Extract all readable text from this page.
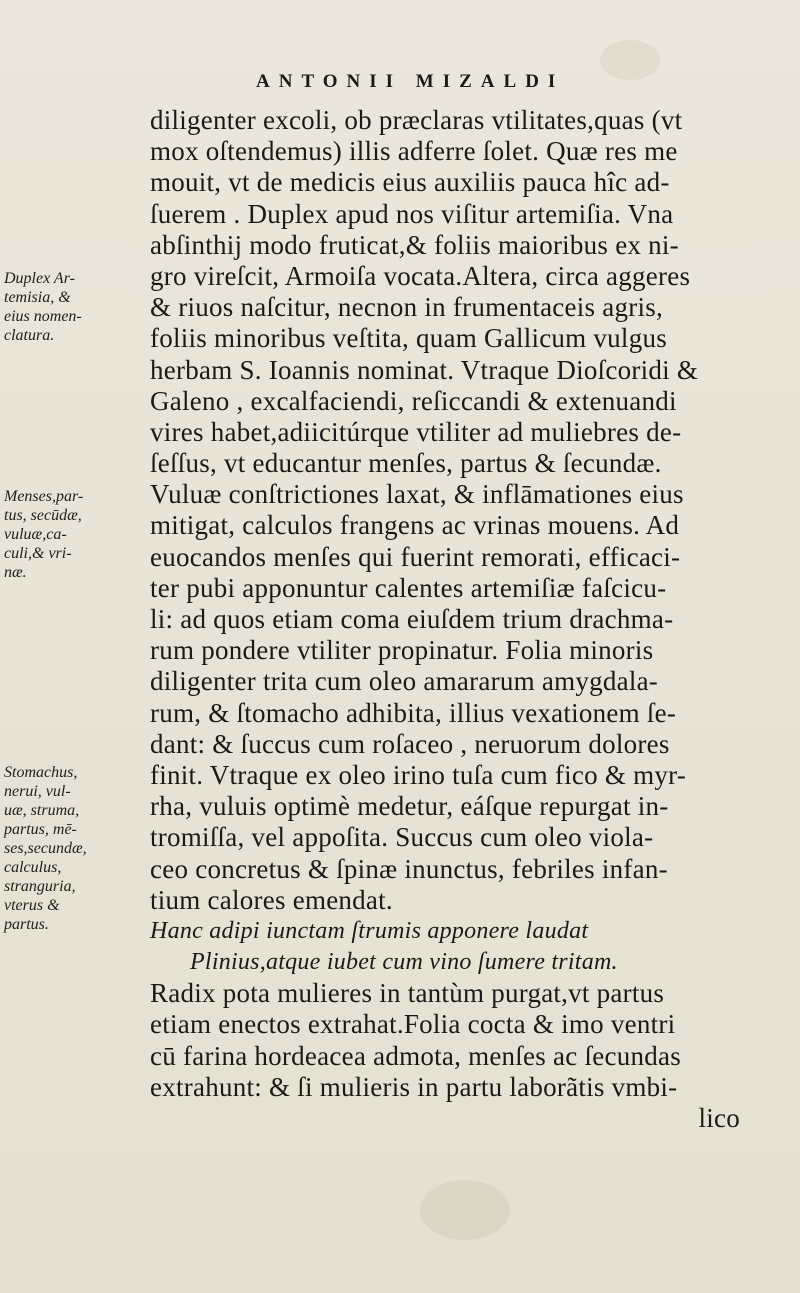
ANTONII MIZALDI
Duplex Ar-
temisia, &
eius nomen-
clatura.
Menses,par-
tus, secūdæ,
vuluæ,ca-
culi,& vri-
næ.
Stomachus,
nerui, vul-
uæ, struma,
partus, mē-
ses,secundæ,
calculus,
stranguria,
vterus &
partus.
diligenter excoli, ob præclaras vtilitates,quas (vt
mox oſtendemus) illis adferre ſolet. Quæ res me
mouit, vt de medicis eius auxiliis pauca hîc ad-
ſuerem . Duplex apud nos viſitur artemiſia. Vna
abſinthij modo fruticat,& foliis maioribus ex ni-
gro vireſcit, Armoiſa vocata.Altera, circa aggeres
& riuos naſcitur, necnon in frumentaceis agris,
foliis minoribus veſtita, quam Gallicum vulgus
herbam S. Ioannis nominat. Vtraque Dioſcoridi &
Galeno , excalfaciendi, reſiccandi & extenuandi
vires habet,adiicitúrque vtiliter ad muliebres de-
ſeſſus, vt educantur menſes, partus & ſecundæ.
Vuluæ conſtrictiones laxat, & inflāmationes eius
mitigat, calculos frangens ac vrinas mouens. Ad
euocandos menſes qui fuerint remorati, efficaci-
ter pubi apponuntur calentes artemiſiæ faſcicu-
li: ad quos etiam coma eiuſdem trium drachma-
rum pondere vtiliter propinatur. Folia minoris
diligenter trita cum oleo amararum amygdala-
rum, & ſtomacho adhibita, illius vexationem ſe-
dant: & ſuccus cum roſaceo , neruorum dolores
finit. Vtraque ex oleo irino tuſa cum fico & myr-
rha, vuluis optimè medetur, eáſque repurgat in-
tromiſſa, vel appoſita. Succus cum oleo viola-
ceo concretus & ſpinæ inunctus, febriles infan-
tium calores emendat.
Hanc adipi iunctam ſtrumis apponere laudat
Plinius,atque iubet cum vino ſumere tritam.
Radix pota mulieres in tantùm purgat,vt partus
etiam enectos extrahat.Folia cocta & imo ventri
cū farina hordeacea admota, menſes ac ſecundas
extrahunt: & ſi mulieris in partu laborãtis vmbi-
lico
